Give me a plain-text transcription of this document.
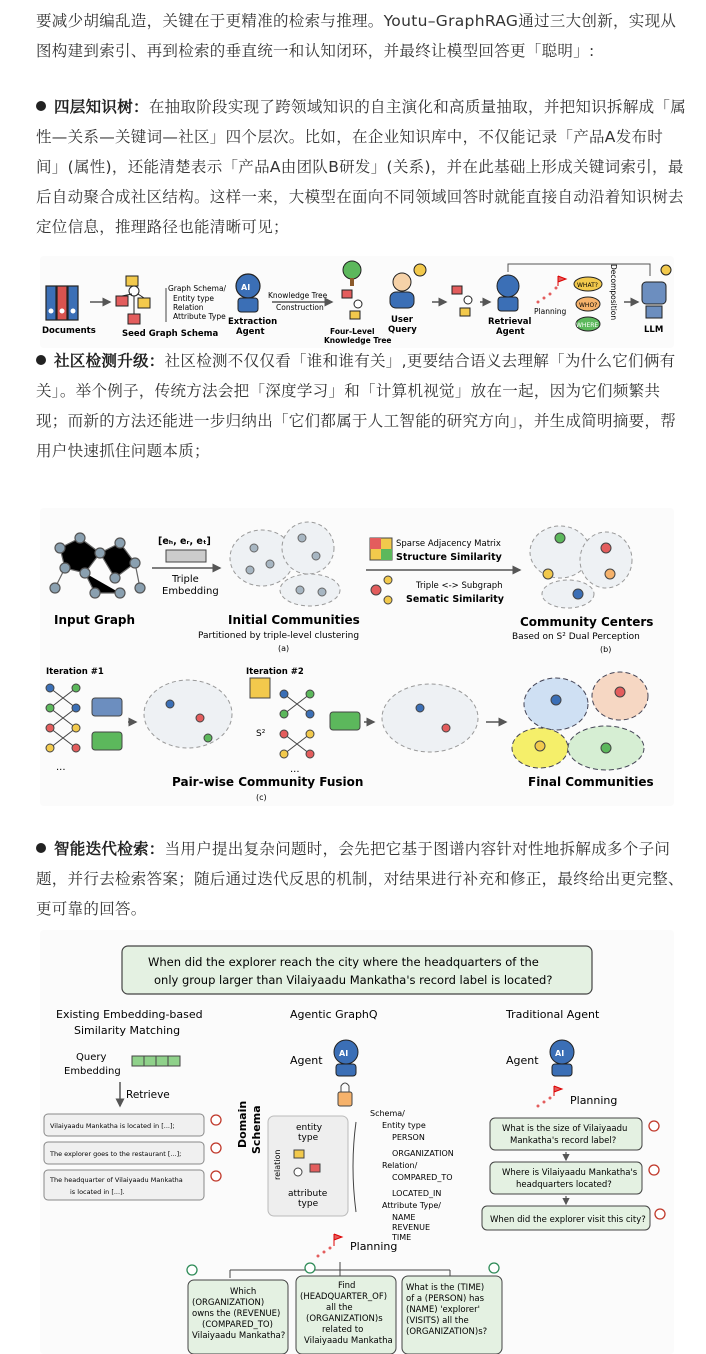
要减少胡编乱造，关键在于更精准的检索与推理。Youtu–GraphRAG通过三大创新，实现从图构建到索引、再到检索的垂直统一和认知闭环，并最终让模型回答更「聪明」:
四层知识树：在抽取阶段实现了跨领域知识的自主演化和高质量抽取，并把知识拆解成「属性—关系—关键词—社区」四个层次。比如，在企业知识库中，不仅能记录「产品A发布时间」(属性)，还能清楚表示「产品A由团队B研发」(关系)，并在此基础上形成关键词索引，最后自动聚合成社区结构。这样一来，大模型在面向不同领域回答时就能直接自动沿着知识树去定位信息，推理路径也能清晰可见；
Documents
Graph Schema/
Entity type
Relation
Attribute Type
Seed Graph Schema
AI
Extraction
Agent
Knowledge Tree
Construction
Four-Level
Knowledge Tree
User
Query
Retrieval
Agent
Planning
WHAT?
WHO?
WHERE
Decomposition
LLM
社区检测升级：社区检测不仅仅看「谁和谁有关」,更要结合语义去理解「为什么它们俩有关」。举个例子，传统方法会把「深度学习」和「计算机视觉」放在一起，因为它们频繁共现；而新的方法还能进一步归纳出「它们都属于人工智能的研究方向」，并生成简明摘要，帮用户快速抓住问题本质；
Input Graph
[eₕ, eᵣ, eₜ]
Triple
Embedding
Initial Communities
Partitioned by triple-level clustering
(a)
Sparse Adjacency Matrix
Structure Similarity
Triple <-> Subgraph
Sematic Similarity
Community Centers
Based on S² Dual Perception
(b)
Iteration #1
...
Iteration #2
S²
...
Pair-wise Community Fusion
(c)
Final Communities
智能迭代检索：当用户提出复杂问题时，会先把它基于图谱内容针对性地拆解成多个子问题，并行去检索答案；随后通过迭代反思的机制，对结果进行补充和修正，最终给出更完整、更可靠的回答。
When did the explorer reach the city where the headquarters of the
only group larger than Vilaiyaadu Mankatha's record label is located?
Existing Embedding-based
Similarity Matching
Query
Embedding
Retrieve
Vilaiyaadu Mankatha is located in [...];
The explorer goes to the restaurant [...];
The headquarter of Vilaiyaadu Mankatha
is located in [...].
Agentic GraphQ
Agent
AI
Domain Schema	entity
type
relation
attribute
type
Schema/
Entity type
PERSON
ORGANIZATION
Relation/
COMPARED_TO
LOCATED_IN
Attribute Type/
NAME
REVENUE
TIME
Planning
Which
(ORGANIZATION)
owns the (REVENUE)
(COMPARED_TO)
Vilaiyaadu Mankatha?
Find
(HEADQUARTER_OF)
all the
(ORGANIZATION)s
related to
Vilaiyaadu Mankatha
What is the (TIME)
of a (PERSON) has
(NAME) 'explorer'
(VISITS) all the
(ORGANIZATION)s?
Traditional Agent
Agent
AI
Planning
What is the size of Vilaiyaadu
Mankatha's record label?
Where is Vilaiyaadu Mankatha's
headquarters located?
When did the explorer visit this city?
